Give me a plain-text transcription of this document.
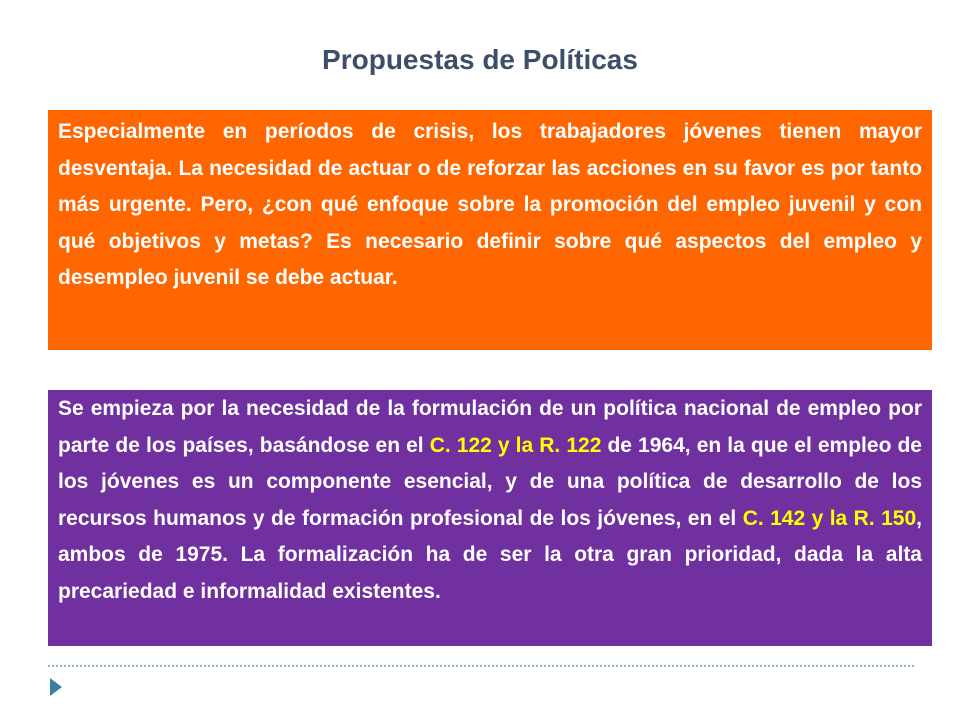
Propuestas de Políticas

Especialmente en períodos de crisis, los trabajadores jóvenes tienen mayor desventaja. La necesidad de actuar o de reforzar las acciones en su favor es por tanto más urgente. Pero, ¿con qué enfoque sobre la promoción del empleo juvenil y con qué objetivos y metas? Es necesario definir sobre qué aspectos del empleo y desempleo juvenil se debe actuar.

Se empieza por la necesidad de la formulación de un política nacional de empleo por parte de los países, basándose en el C. 122 y la R. 122 de 1964, en la que el empleo de los jóvenes es un componente esencial, y de una política de desarrollo de los recursos humanos y de formación profesional de los jóvenes, en el C. 142 y la R. 150, ambos de 1975. La formalización ha de ser la otra gran prioridad, dada la alta precariedad e informalidad existentes.
